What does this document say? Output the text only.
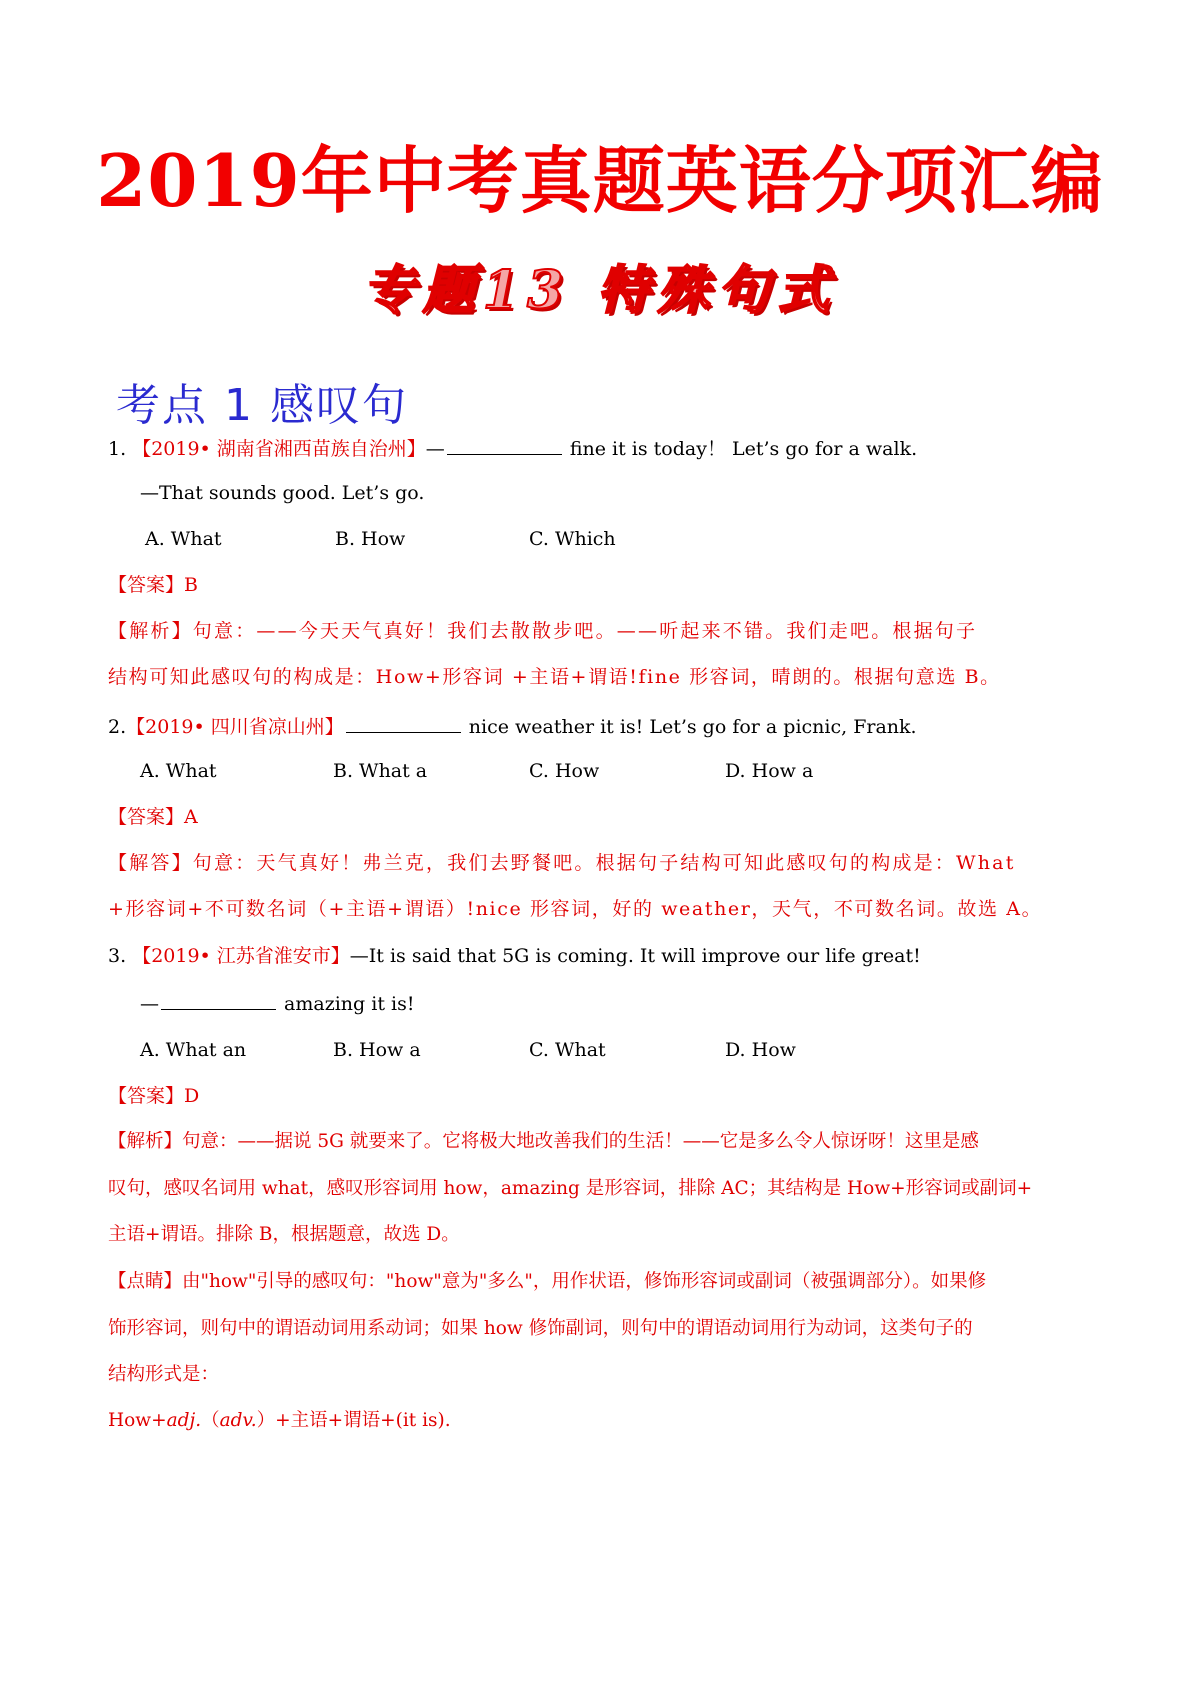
2019年中考真题英语分项汇编
专题13 特殊句式
考点 1 感叹句
1. 【2019• 湖南省湘西苗族自治州】—	fine it is today！ Let’s go for a walk.
—That sounds good. Let’s go.
A. What	B. How	C. Which
【答案】B
【解析】句意：——今天天气真好！我们去散散步吧。——听起来不错。我们走吧。根据句子
结构可知此感叹句的构成是：How+形容词 +主语+谓语!fine 形容词，晴朗的。根据句意选 B。
2.【2019• 四川省凉山州】	nice weather it is! Let’s go for a picnic, Frank.
A. What	B. What a	C. How	D. How a
【答案】A
【解答】句意：天气真好！弗兰克，我们去野餐吧。根据句子结构可知此感叹句的构成是：What
+形容词+不可数名词（+主语+谓语）!nice 形容词，好的 weather，天气，不可数名词。故选 A。
3. 【2019• 江苏省淮安市】—It is said that 5G is coming. It will improve our life great!
—	amazing it is!
A. What an	B. How a	C. What	D. How
【答案】D
【解析】句意：——据说 5G 就要来了。它将极大地改善我们的生活！——它是多么令人惊讶呀！这里是感
叹句，感叹名词用 what，感叹形容词用 how，amazing 是形容词，排除 AC；其结构是 How+形容词或副词+
主语+谓语。排除 B，根据题意，故选 D。
【点睛】由"how"引导的感叹句："how"意为"多么"，用作状语，修饰形容词或副词（被强调部分）。如果修
饰形容词，则句中的谓语动词用系动词；如果 how 修饰副词，则句中的谓语动词用行为动词，这类句子的
结构形式是：
How+adj.（adv.）+主语+谓语+(it is).
